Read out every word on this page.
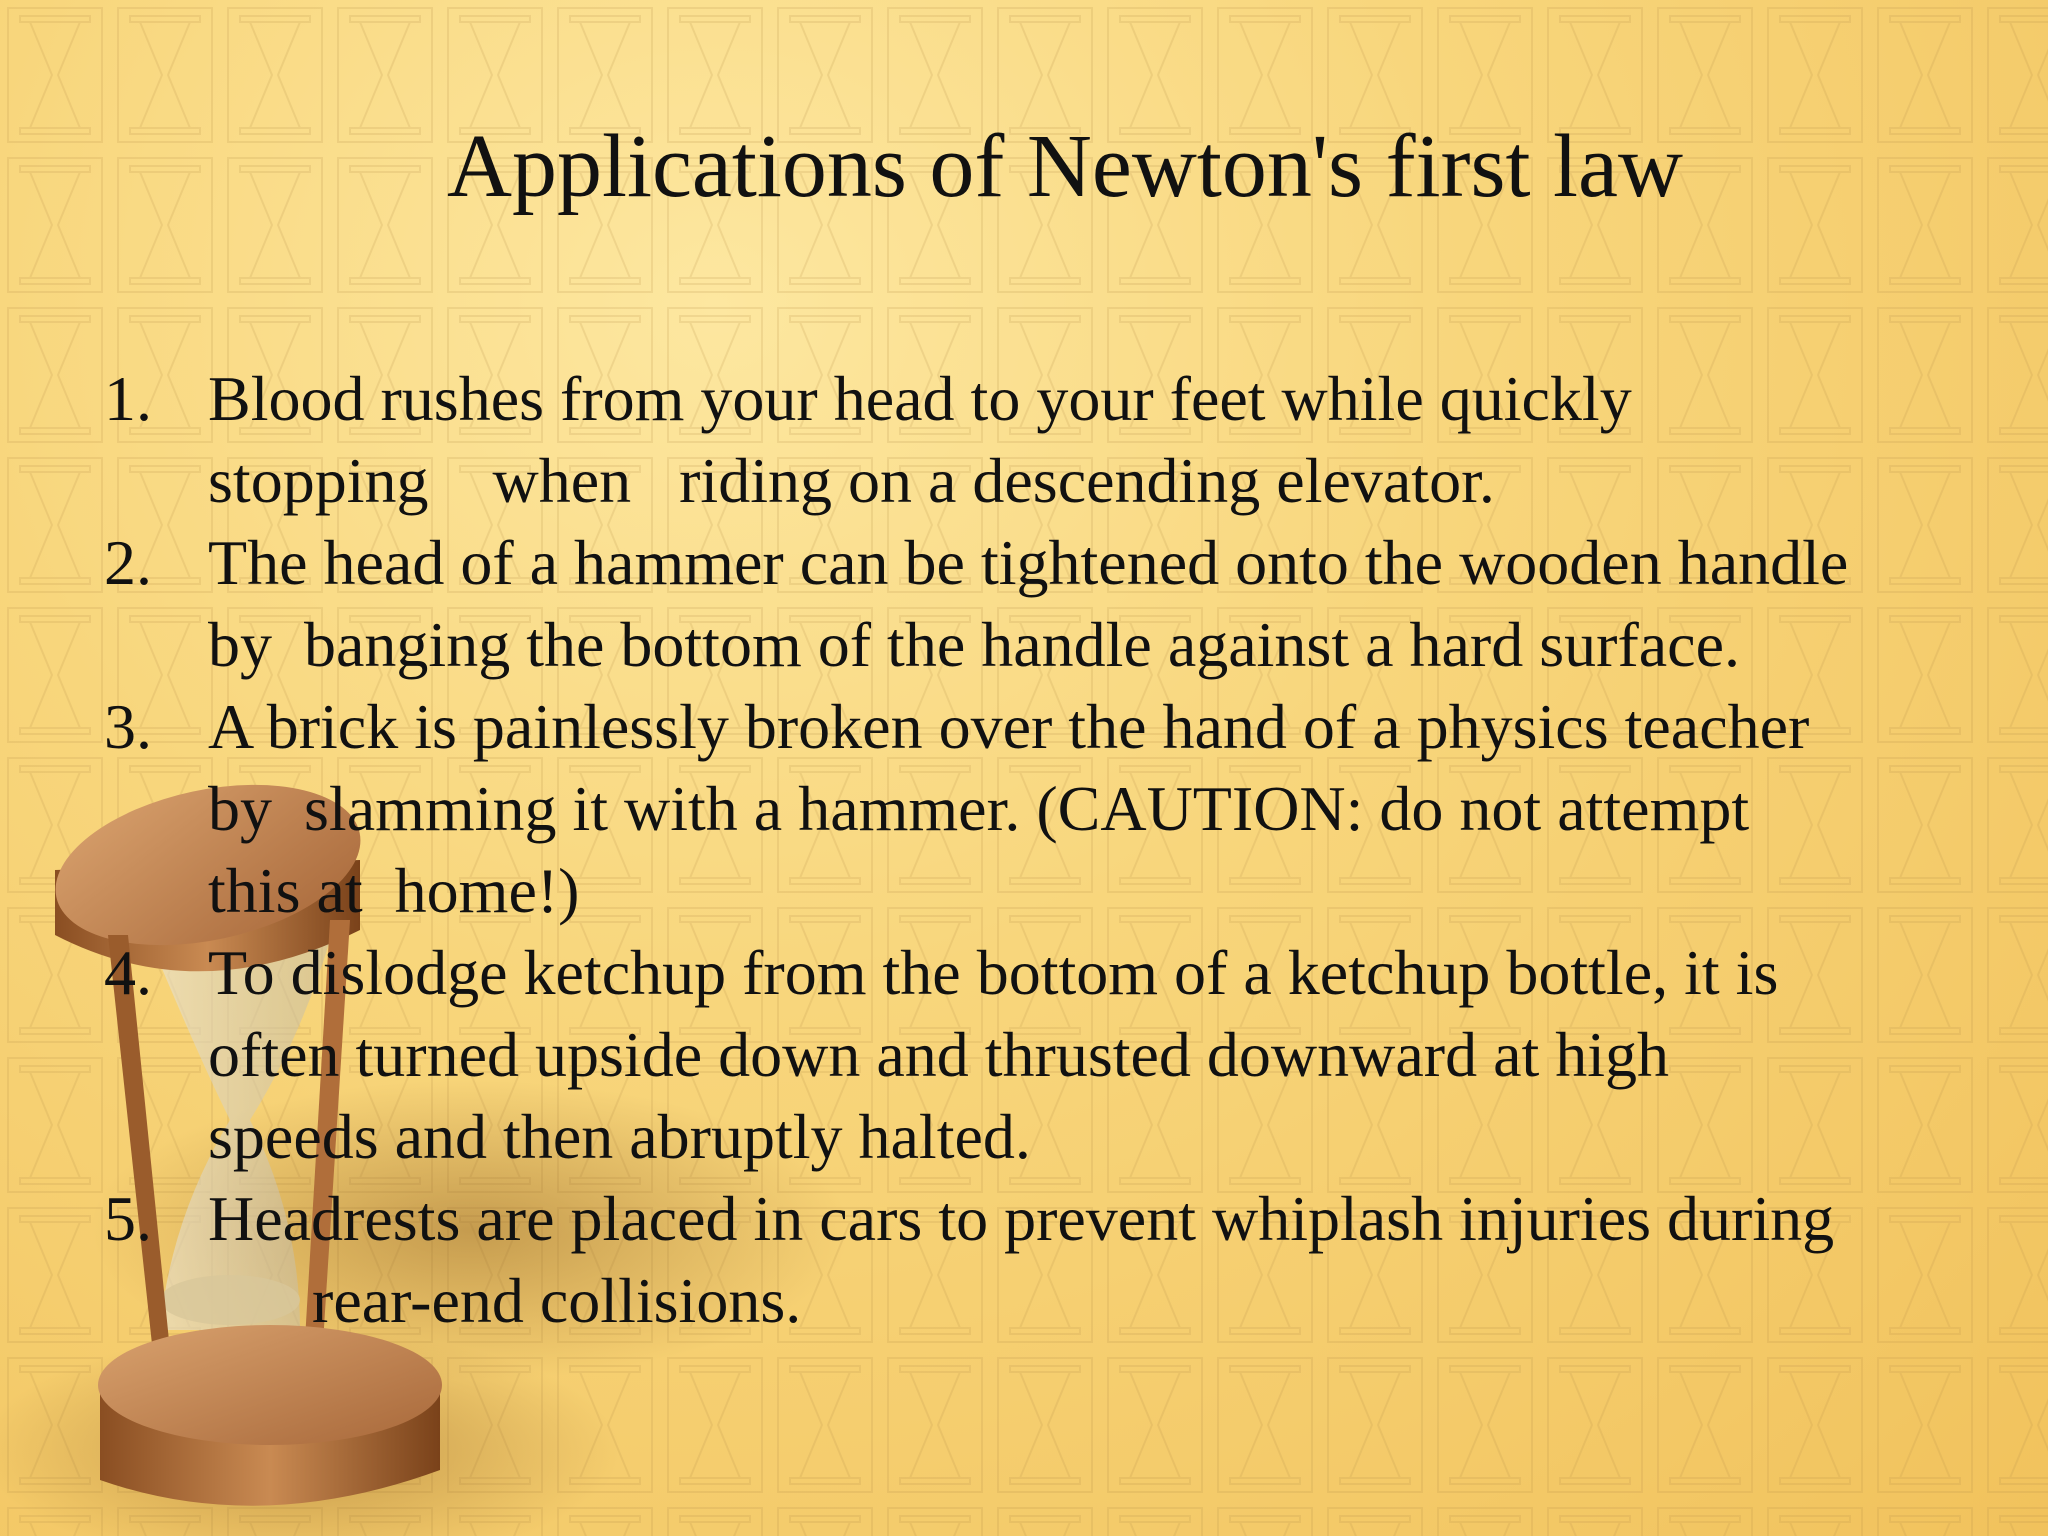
Applications of Newton's first law
1. Blood rushes from your head to your feet while quickly
stopping    when   riding on a descending elevator.
2. The head of a hammer can be tightened onto the wooden handle
by  banging the bottom of the handle against a hard surface.
3. A brick is painlessly broken over the hand of a physics teacher
by  slamming it with a hammer. (CAUTION: do not attempt
this at  home!)
4. To dislodge ketchup from the bottom of a ketchup bottle, it is
often turned upside down and thrusted downward at high
speeds and then abruptly halted.
5. Headrests are placed in cars to prevent whiplash injuries during
rear-end collisions.
